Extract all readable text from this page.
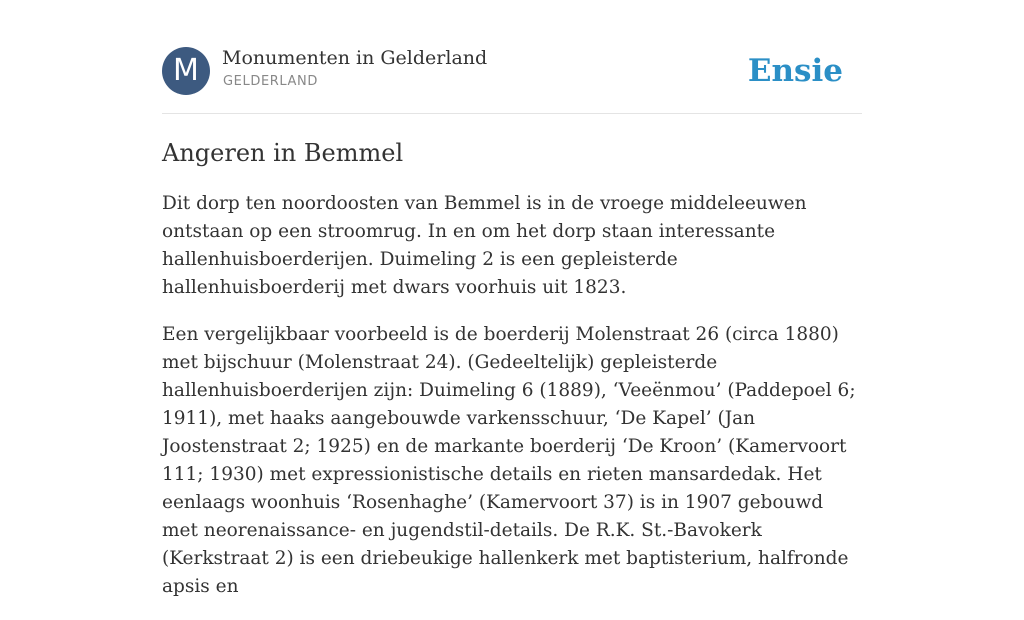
M	Monumenten in Gelderland
GELDERLAND	Ensie
Angeren in Bemmel

Dit dorp ten noordoosten van Bemmel is in de vroege middeleeuwen ontstaan op een stroomrug. In en om het dorp staan interessante hallenhuisboerderijen. Duimeling 2 is een gepleisterde hallenhuisboerderij met dwars voorhuis uit 1823.

Een vergelijkbaar voorbeeld is de boerderij Molenstraat 26 (circa 1880) met bijschuur (Molenstraat 24). (Gedeeltelijk) gepleisterde hallenhuisboerderijen zijn: Duimeling 6 (1889), ‘Veeënmou’ (Paddepoel 6; 1911), met haaks aangebouwde varkensschuur, ‘De Kapel’ (Jan Joostenstraat 2; 1925) en de markante boerderij ‘De Kroon’ (Kamervoort 111; 1930) met expressionistische details en rieten mansardedak. Het eenlaags woonhuis ‘Rosenhaghe’ (Kamervoort 37) is in 1907 gebouwd met neorenaissance- en jugendstil-details. De R.K. St.-Bavokerk (Kerkstraat 2) is een driebeukige hallenkerk met baptisterium, halfronde apsis en
